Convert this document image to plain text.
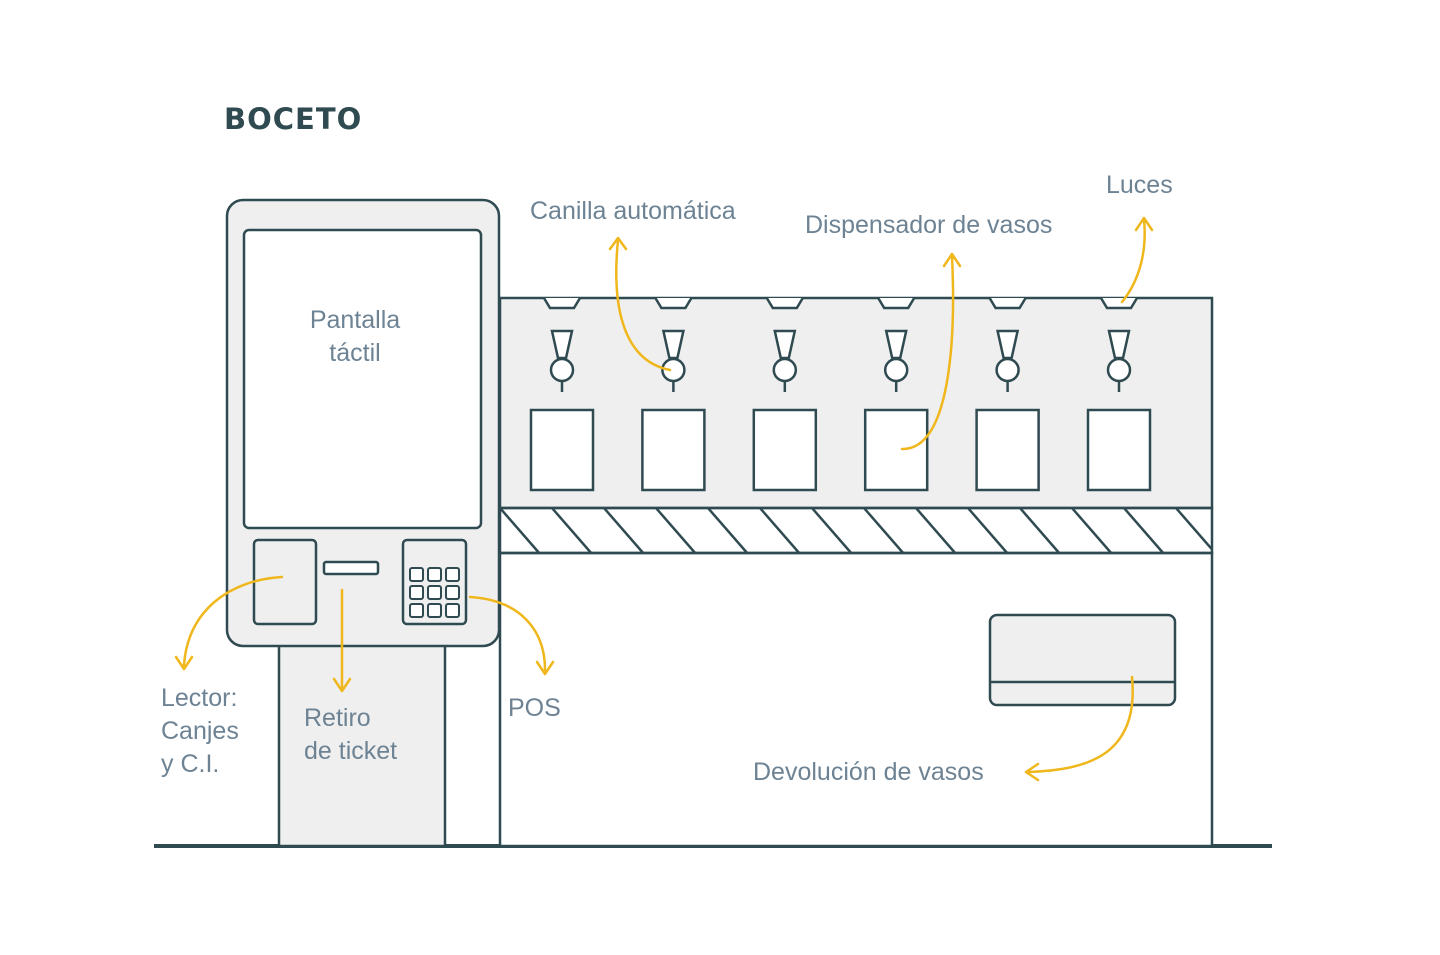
BOCETO
Pantalla
táctil
Canilla automática	Dispensador de vasos
Luces
Lector:
Canjes
y C.I.
Retiro
de ticket
POS
Devolución de vasos
